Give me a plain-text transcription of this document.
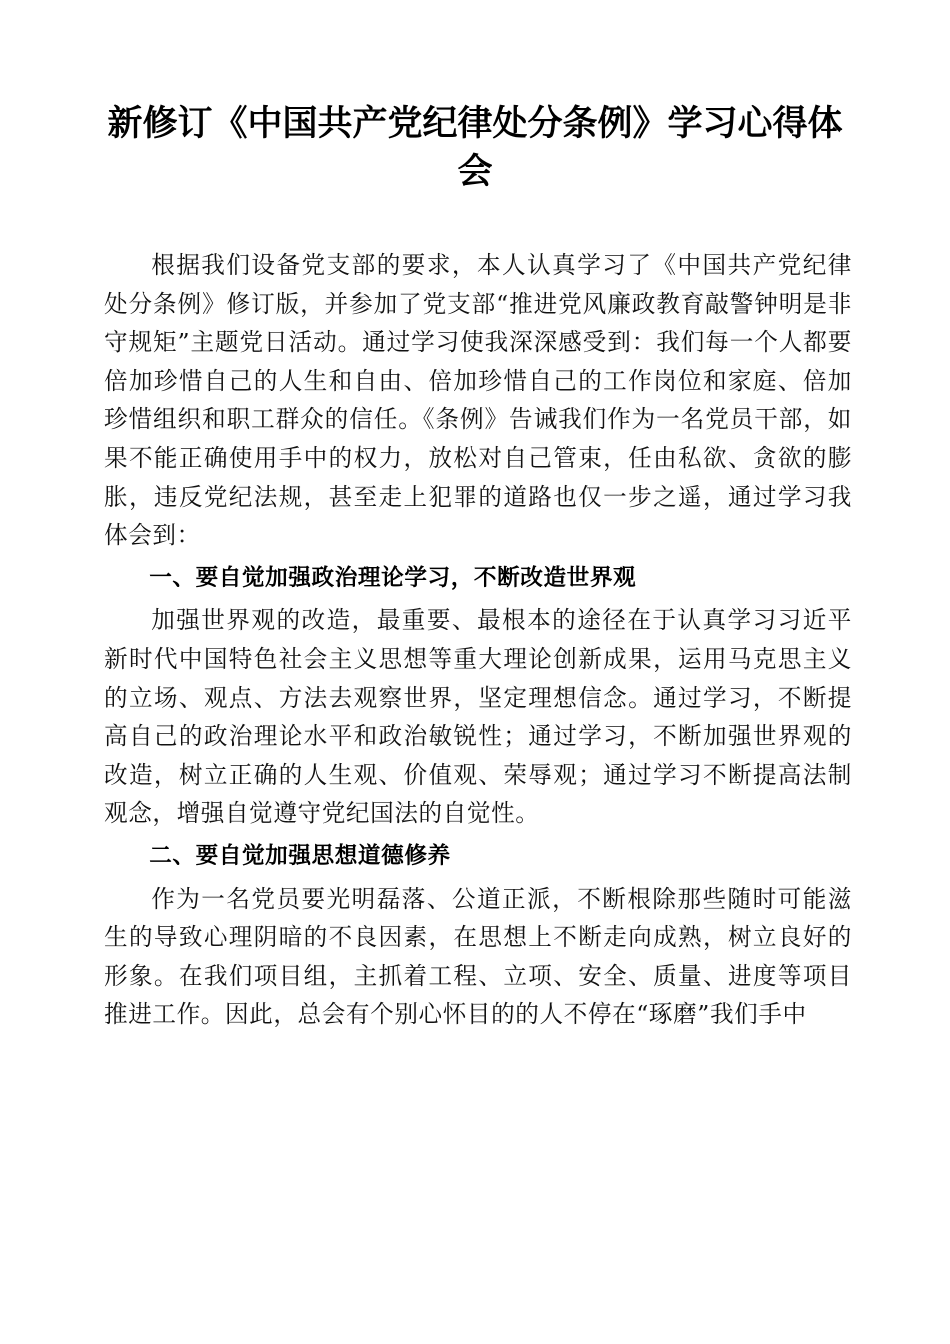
新修订《中国共产党纪律处分条例》学习心得体会

根据我们设备党支部的要求，本人认真学习了《中国共产党纪律处分条例》修订版，并参加了党支部“推进党风廉政教育敲警钟明是非守规矩”主题党日活动。通过学习使我深深感受到：我们每一个人都要倍加珍惜自己的人生和自由、倍加珍惜自己的工作岗位和家庭、倍加珍惜组织和职工群众的信任。《条例》告诫我们作为一名党员干部，如果不能正确使用手中的权力，放松对自己管束，任由私欲、贪欲的膨胀，违反党纪法规，甚至走上犯罪的道路也仅一步之遥，通过学习我体会到：

一、要自觉加强政治理论学习，不断改造世界观

加强世界观的改造，最重要、最根本的途径在于认真学习习近平新时代中国特色社会主义思想等重大理论创新成果，运用马克思主义的立场、观点、方法去观察世界，坚定理想信念。通过学习，不断提高自己的政治理论水平和政治敏锐性；通过学习，不断加强世界观的改造，树立正确的人生观、价值观、荣辱观；通过学习不断提高法制观念，增强自觉遵守党纪国法的自觉性。

二、要自觉加强思想道德修养

作为一名党员要光明磊落、公道正派，不断根除那些随时可能滋生的导致心理阴暗的不良因素，在思想上不断走向成熟，树立良好的形象。在我们项目组，主抓着工程、立项、安全、质量、进度等项目推进工作。因此，总会有个别心怀目的的人不停在“琢磨”我们手中
